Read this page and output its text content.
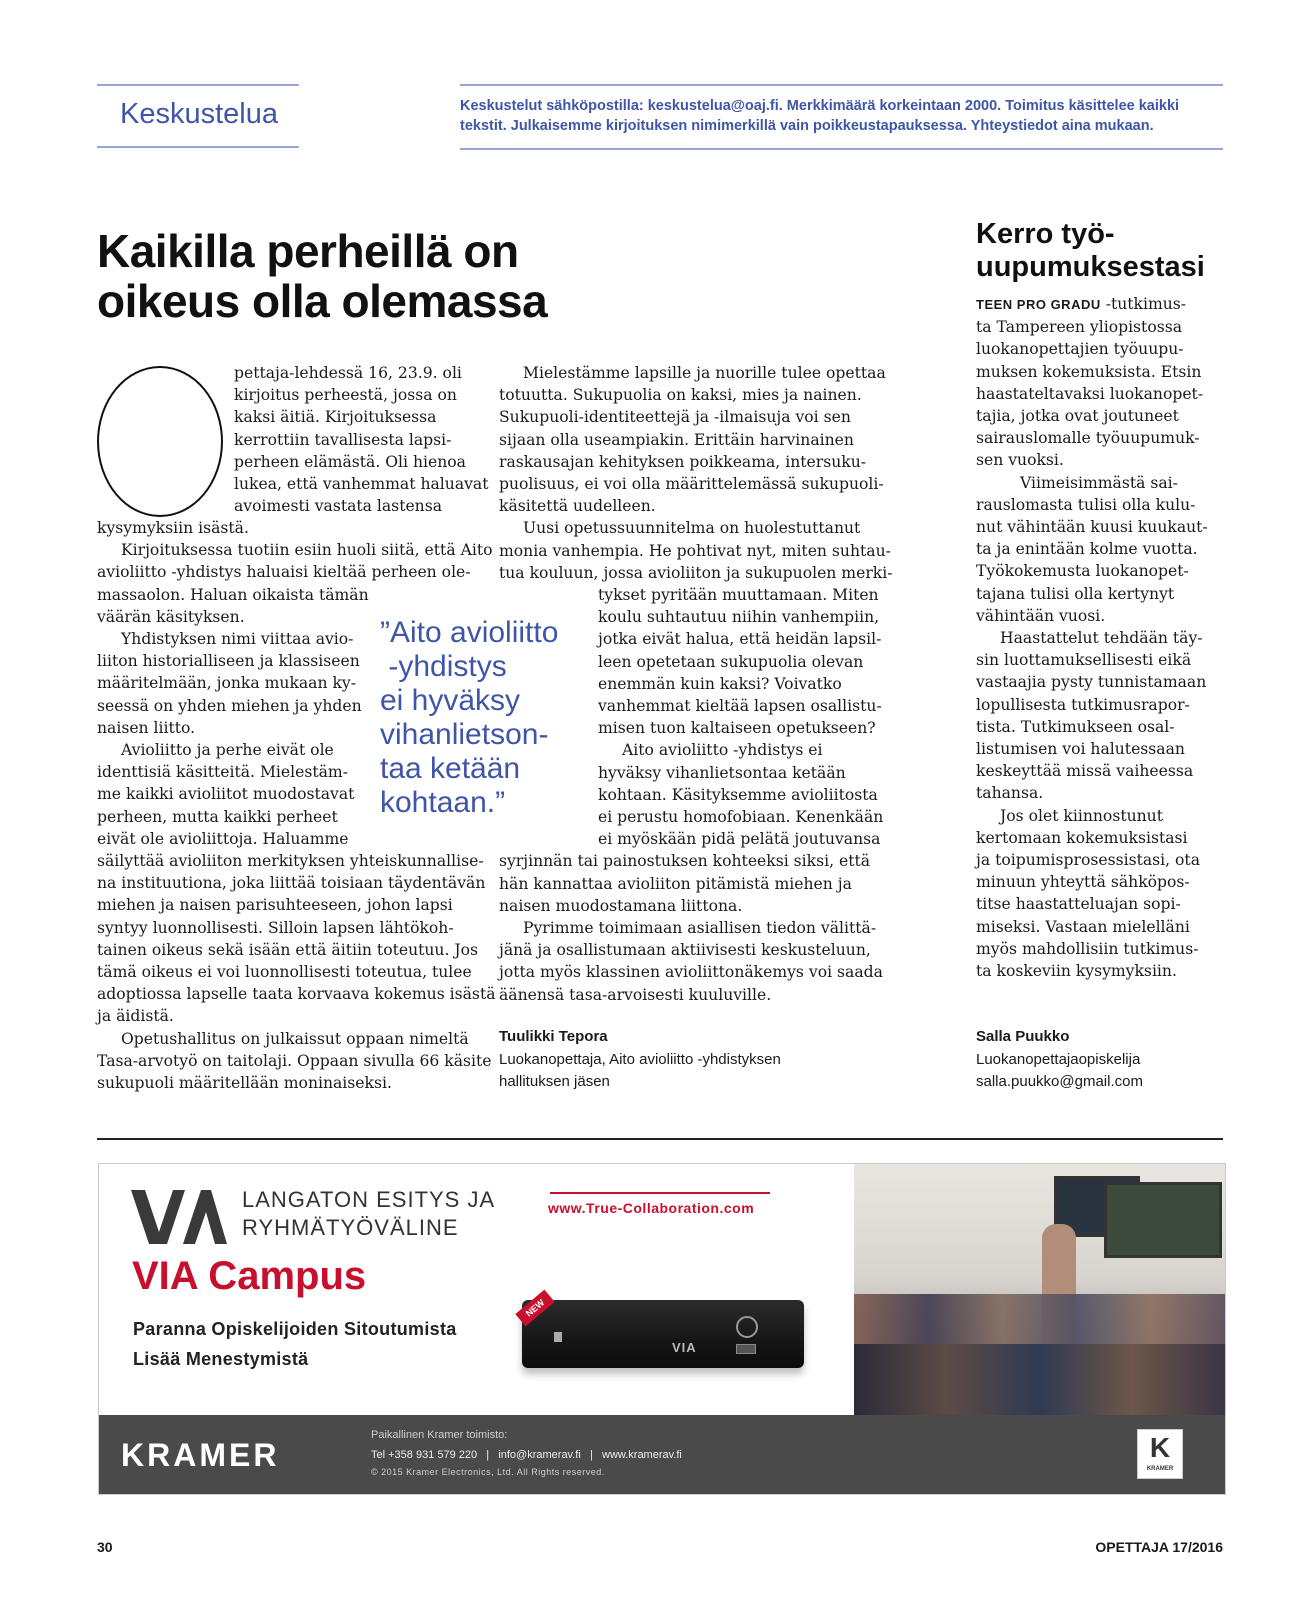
Keskustelua	Keskustelut sähköpostilla: keskustelua@oaj.fi. Merkkimäärä korkeintaan 2000. Toimitus käsittelee kaikki tekstit. Julkaisemme kirjoituksen nimimerkillä vain poikkeustapauksessa. Yhteystiedot aina mukaan.
Kaikilla perheillä on oikeus olla olemassa
pettaja-lehdessä 16, 23.9. oli
kirjoitus perheestä, jossa on
kaksi äitiä. Kirjoituksessa
kerrottiin tavallisesta lapsi-
perheen elämästä. Oli hienoa
lukea, että vanhemmat haluavat
avoimesti vastata lastensa
kysymyksiin isästä.
Kirjoituksessa tuotiin esiin huoli siitä, että Aito
avioliitto -yhdistys haluaisi kieltää perheen ole-
massaolon. Haluan oikaista tämän
väärän käsityksen.
Yhdistyksen nimi viittaa avio-
liiton historialliseen ja klassiseen
määritelmään, jonka mukaan ky-
seessä on yhden miehen ja yhden
naisen liitto.
Avioliitto ja perhe eivät ole
identtisiä käsitteitä. Mielestäm-
me kaikki avioliitot muodostavat
perheen, mutta kaikki perheet
eivät ole avioliittoja. Haluamme
säilyttää avioliiton merkityksen yhteiskunnallise-
na instituutiona, joka liittää toisiaan täydentävän
miehen ja naisen parisuhteeseen, johon lapsi
syntyy luonnollisesti. Silloin lapsen lähtökoh-
tainen oikeus sekä isään että äitiin toteutuu. Jos
tämä oikeus ei voi luonnollisesti toteutua, tulee
adoptiossa lapselle taata korvaava kokemus isästä
ja äidistä.
Opetushallitus on julkaissut oppaan nimeltä
Tasa-arvotyö on taitolaji. Oppaan sivulla 66 käsite
sukupuoli määritellään moninaiseksi.
”Aito avioliitto
-yhdistys
ei hyväksy
vihanlietson-
taa ketään
kohtaan.”
Mielestämme lapsille ja nuorille tulee opettaa
totuutta. Sukupuolia on kaksi, mies ja nainen.
Sukupuoli-identiteettejä ja -ilmaisuja voi sen
sijaan olla useampiakin. Erittäin harvinainen
raskausajan kehityksen poikkeama, intersuku-
puolisuus, ei voi olla määrittelemässä sukupuoli-
käsitettä uudelleen.
Uusi opetussuunnitelma on huolestuttanut
monia vanhempia. He pohtivat nyt, miten suhtau-
tua kouluun, jossa avioliiton ja sukupuolen merki-
tykset pyritään muuttamaan. Miten
koulu suhtautuu niihin vanhempiin,
jotka eivät halua, että heidän lapsil-
leen opetetaan sukupuolia olevan
enemmän kuin kaksi? Voivatko
vanhemmat kieltää lapsen osallistu-
misen tuon kaltaiseen opetukseen?
Aito avioliitto -yhdistys ei
hyväksy vihanlietsontaa ketään
kohtaan. Käsityksemme avioliitosta
ei perustu homofobiaan. Kenenkään
ei myöskään pidä pelätä joutuvansa
syrjinnän tai painostuksen kohteeksi siksi, että
hän kannattaa avioliiton pitämistä miehen ja
naisen muodostamana liittona.
Pyrimme toimimaan asiallisen tiedon välittä-
jänä ja osallistumaan aktiivisesti keskusteluun,
jotta myös klassinen avioliittonäkemys voi saada
äänensä tasa-arvoisesti kuuluville.
Tuulikki Tepora
Luokanopettaja, Aito avioliitto -yhdistyksen
hallituksen jäsen
Kerro työ-
uupumuksestasi
TEEN PRO GRADU -tutkimus-
ta Tampereen yliopistossa
luokanopettajien työuupu-
muksen kokemuksista. Etsin
haastateltavaksi luokanopet-
tajia, jotka ovat joutuneet
sairauslomalle työuupumuk-
sen vuoksi.
Viimeisimmästä sai-
rauslomasta tulisi olla kulu-
nut vähintään kuusi kuukaut-
ta ja enintään kolme vuotta.
Työkokemusta luokanopet-
tajana tulisi olla kertynyt
vähintään vuosi.
Haastattelut tehdään täy-
sin luottamuksellisesti eikä
vastaajia pysty tunnistamaan
lopullisesta tutkimusrapor-
tista. Tutkimukseen osal-
listumisen voi halutessaan
keskeyttää missä vaiheessa
tahansa.
Jos olet kiinnostunut
kertomaan kokemuksistasi
ja toipumisprosessistasi, ota
minuun yhteyttä sähköpos-
titse haastatteluajan sopi-
miseksi. Vastaan mielelläni
myös mahdollisiin tutkimus-
ta koskeviin kysymyksiin.
Salla Puukko
Luokanopettajaopiskelija
salla.puukko@gmail.com
LANGATON ESITYS JA
RYHMÄTYÖVÄLINE
www.True-Collaboration.com
VIA Campus
Paranna Opiskelijoiden Sitoutumista
Lisää Menestymistä
NEW
VIA
KRAMER
Paikallinen Kramer toimisto:
Tel +358 931 579 220   |   info@kramerav.fi   |   www.kramerav.fi
© 2015 Kramer Electronics, Ltd. All Rights reserved.
K
KRAMER
30	OPETTAJA 17/2016
